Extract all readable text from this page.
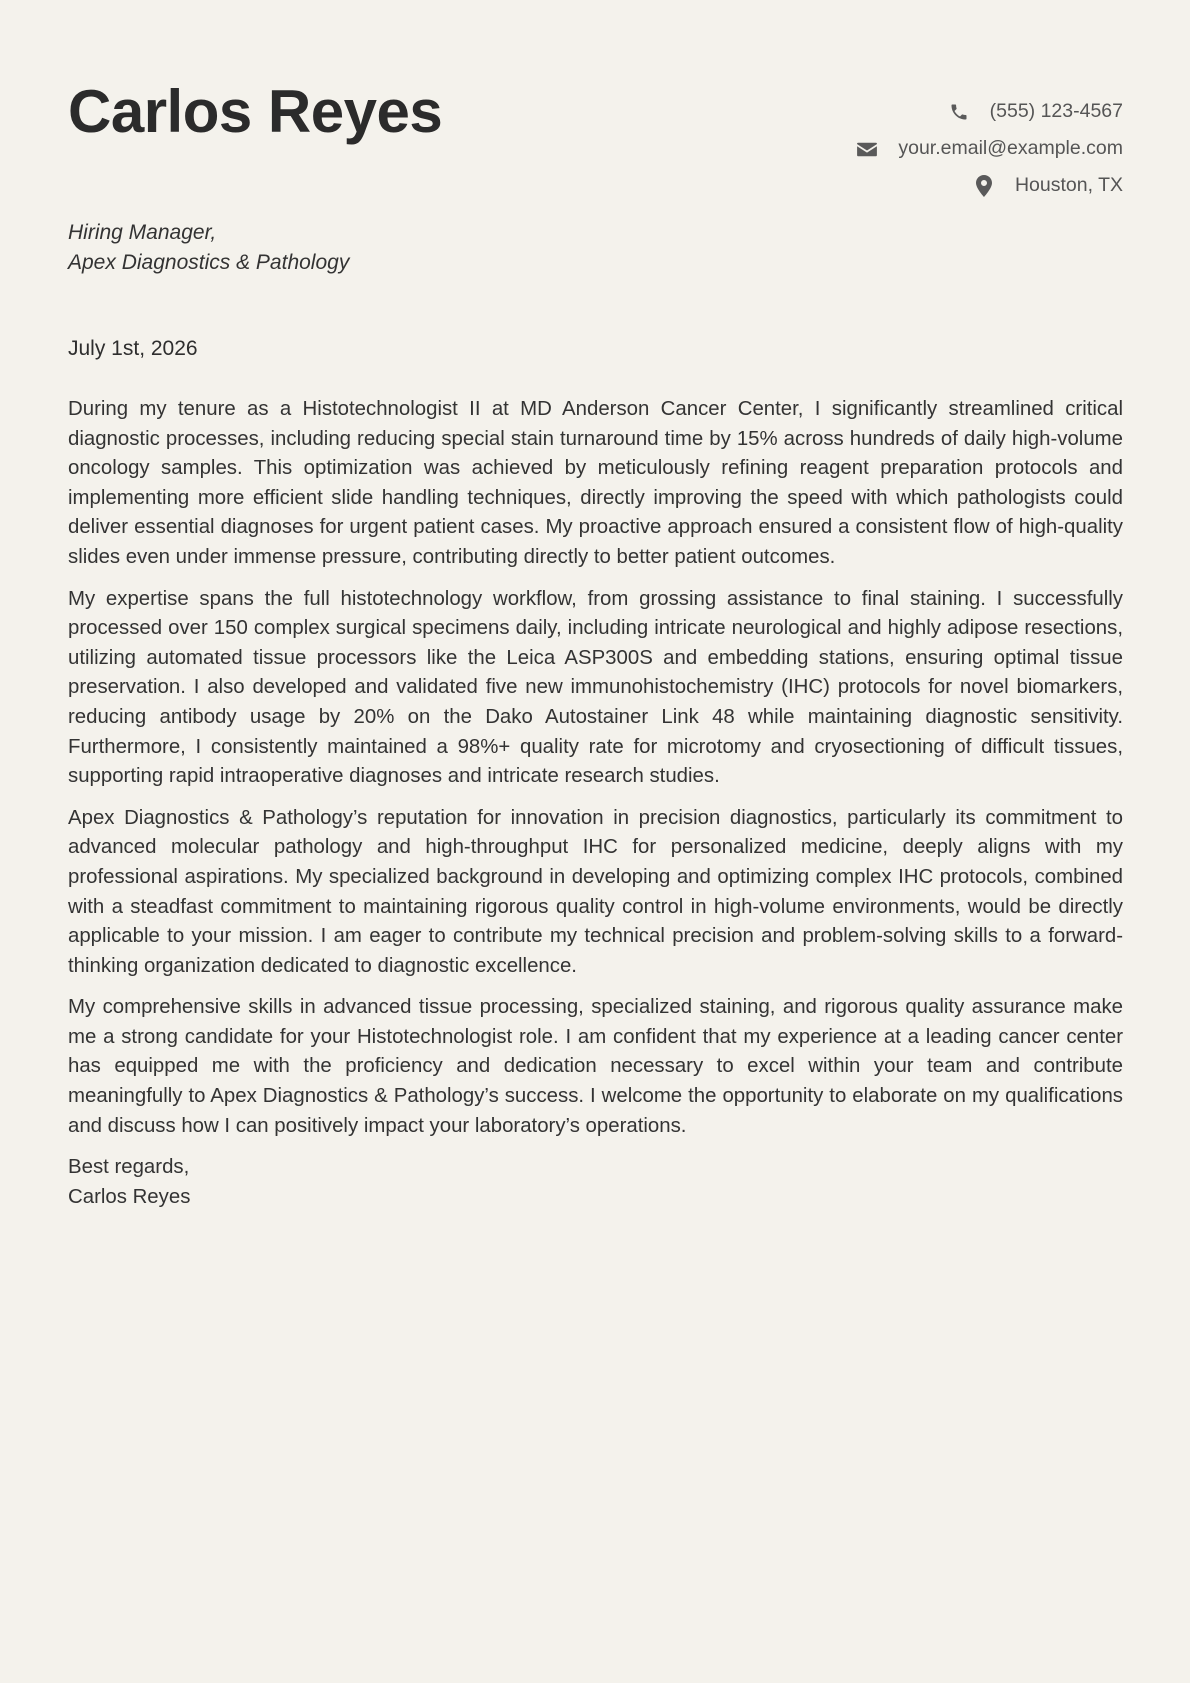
Carlos Reyes	(555) 123-4567
your.email@example.com
Houston, TX
Hiring Manager,
Apex Diagnostics & Pathology
July 1st, 2026

During my tenure as a Histotechnologist II at MD Anderson Cancer Center, I significantly streamlined critical diagnostic processes, including reducing special stain turnaround time by 15% across hundreds of daily high-volume oncology samples. This optimization was achieved by meticulously refining reagent preparation protocols and implementing more efficient slide handling techniques, directly improving the speed with which pathologists could deliver essential diagnoses for urgent patient cases. My proactive approach ensured a consistent flow of high-quality slides even under immense pressure, contributing directly to better patient outcomes.

My expertise spans the full histotechnology workflow, from grossing assistance to final staining. I successfully processed over 150 complex surgical specimens daily, including intricate neurological and highly adipose resections, utilizing automated tissue processors like the Leica ASP300S and embedding stations, ensuring optimal tissue preservation. I also developed and validated five new immunohistochemistry (IHC) protocols for novel biomarkers, reducing antibody usage by 20% on the Dako Autostainer Link 48 while maintaining diagnostic sensitivity. Furthermore, I consistently maintained a 98%+ quality rate for microtomy and cryosectioning of difficult tissues, supporting rapid intraoperative diagnoses and intricate research studies.

Apex Diagnostics & Pathology’s reputation for innovation in precision diagnostics, particularly its commitment to advanced molecular pathology and high-throughput IHC for personalized medicine, deeply aligns with my professional aspirations. My specialized background in developing and optimizing complex IHC protocols, combined with a steadfast commitment to maintaining rigorous quality control in high-volume environments, would be directly applicable to your mission. I am eager to contribute my technical precision and problem-solving skills to a forward-thinking organization dedicated to diagnostic excellence.

My comprehensive skills in advanced tissue processing, specialized staining, and rigorous quality assurance make me a strong candidate for your Histotechnologist role. I am confident that my experience at a leading cancer center has equipped me with the proficiency and dedication necessary to excel within your team and contribute meaningfully to Apex Diagnostics & Pathology’s success. I welcome the opportunity to elaborate on my qualifications and discuss how I can positively impact your laboratory’s operations.

Best regards,
Carlos Reyes
